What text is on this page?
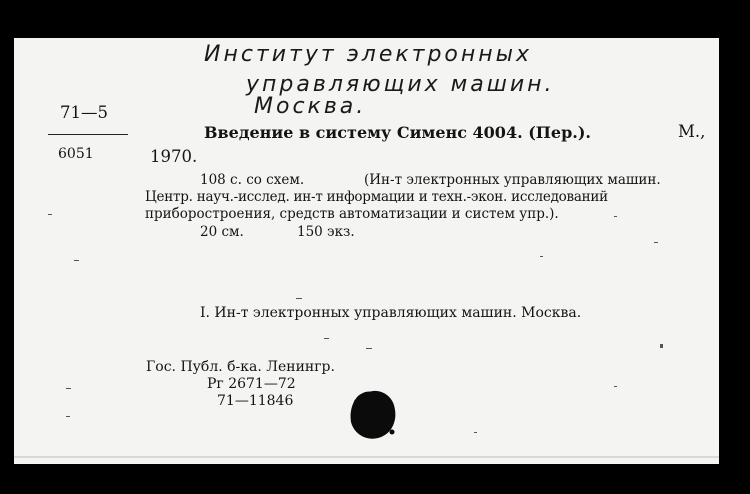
Институт электронных
управляющих машин.
Москва.
71—5
6051
Введение в систему Сименс 4004. (Пер.).	М.,
1970.
108 с. со схем.	(Ин-т электронных управляющих машин.
Центр. науч.-исслед. ин-т информации и техн.-экон. исследований
приборостроения, средств автоматизации и систем упр.).
20 см.	150 экз.
I. Ин-т электронных управляющих машин. Москва.
Гос. Публ. б-ка. Ленингр.
Рг 2671—72
71—11846
